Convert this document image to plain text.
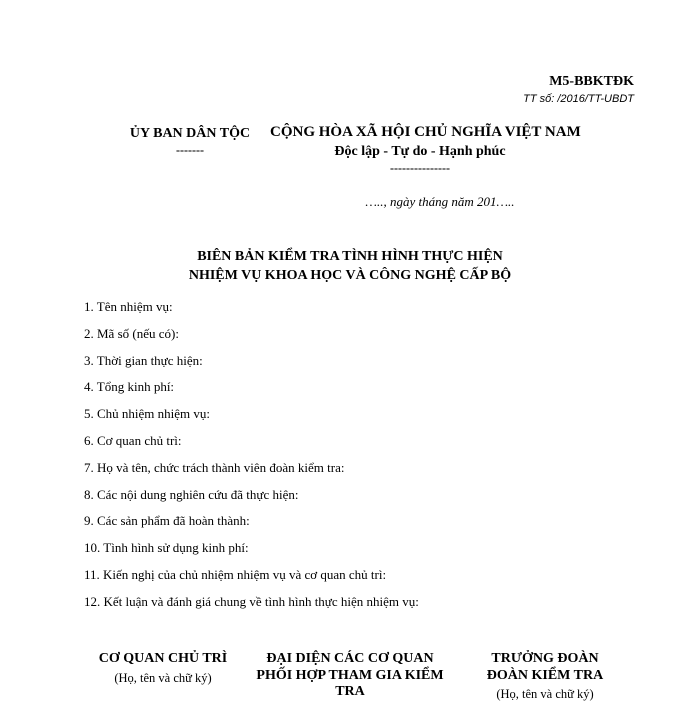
M5-BBKTĐK
TT số: /2016/TT-UBDT
ỦY BAN DÂN TỘC
-------
CỘNG HÒA XÃ HỘI CHỦ NGHĨA VIỆT NAM
Độc lập - Tự do - Hạnh phúc
---------------
….., ngày tháng năm 201…..
BIÊN BẢN KIỂM TRA TÌNH HÌNH THỰC HIỆN
NHIỆM VỤ KHOA HỌC VÀ CÔNG NGHỆ CẤP BỘ
1. Tên nhiệm vụ:
2. Mã số (nếu có):
3. Thời gian thực hiện:
4. Tổng kinh phí:
5. Chủ nhiệm nhiệm vụ:
6. Cơ quan chủ trì:
7. Họ và tên, chức trách thành viên đoàn kiểm tra:
8. Các nội dung nghiên cứu đã thực hiện:
9. Các sản phẩm đã hoàn thành:
10. Tình hình sử dụng kinh phí:
11. Kiến nghị của chủ nhiệm nhiệm vụ và cơ quan chủ trì:
12. Kết luận và đánh giá chung về tình hình thực hiện nhiệm vụ:
CƠ QUAN CHỦ TRÌ
(Họ, tên và chữ ký)
ĐẠI DIỆN CÁC CƠ QUAN
PHỐI HỢP THAM GIA KIỂM
TRA
TRƯỞNG ĐOÀN
ĐOÀN KIỂM TRA
(Họ, tên và chữ ký)
